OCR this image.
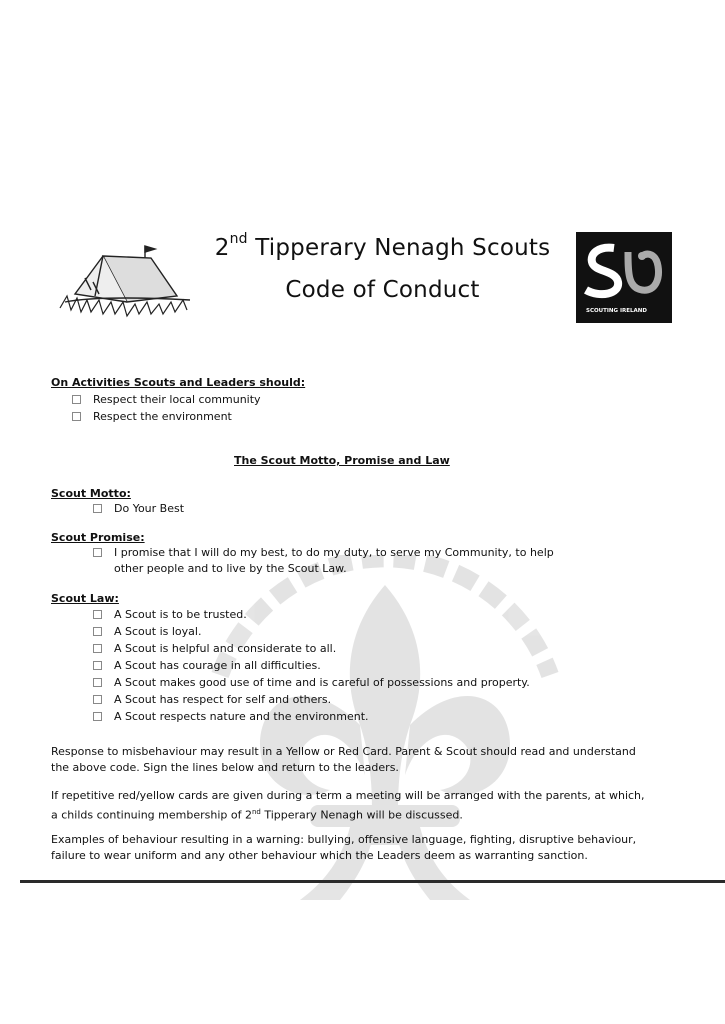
2nd Tipperary Nenagh Scouts
Code of Conduct
SCOUTING IRELAND
On Activities Scouts and Leaders should:
Respect their local community
Respect the environment
The Scout Motto, Promise and Law
Scout Motto:
Do Your Best
Scout Promise:
I promise that I will do my best, to do my duty, to serve my Community, to help
other people and to live by the Scout Law.
Scout Law:
A Scout is to be trusted.
A Scout is loyal.
A Scout is helpful and considerate to all.
A Scout has courage in all difficulties.
A Scout makes good use of time and is careful of possessions and property.
A Scout has respect for self and others.
A Scout respects nature and the environment.
Response to misbehaviour may result in a Yellow or Red Card. Parent & Scout should read and understand the above code. Sign the lines below and return to the leaders.
If repetitive red/yellow cards are given during a term a meeting will be arranged with the parents, at which, a childs continuing membership of 2nd Tipperary Nenagh will be discussed.
Examples of behaviour resulting in a warning: bullying, offensive language, fighting, disruptive behaviour, failure to wear uniform and any other behaviour which the Leaders deem as warranting sanction.
